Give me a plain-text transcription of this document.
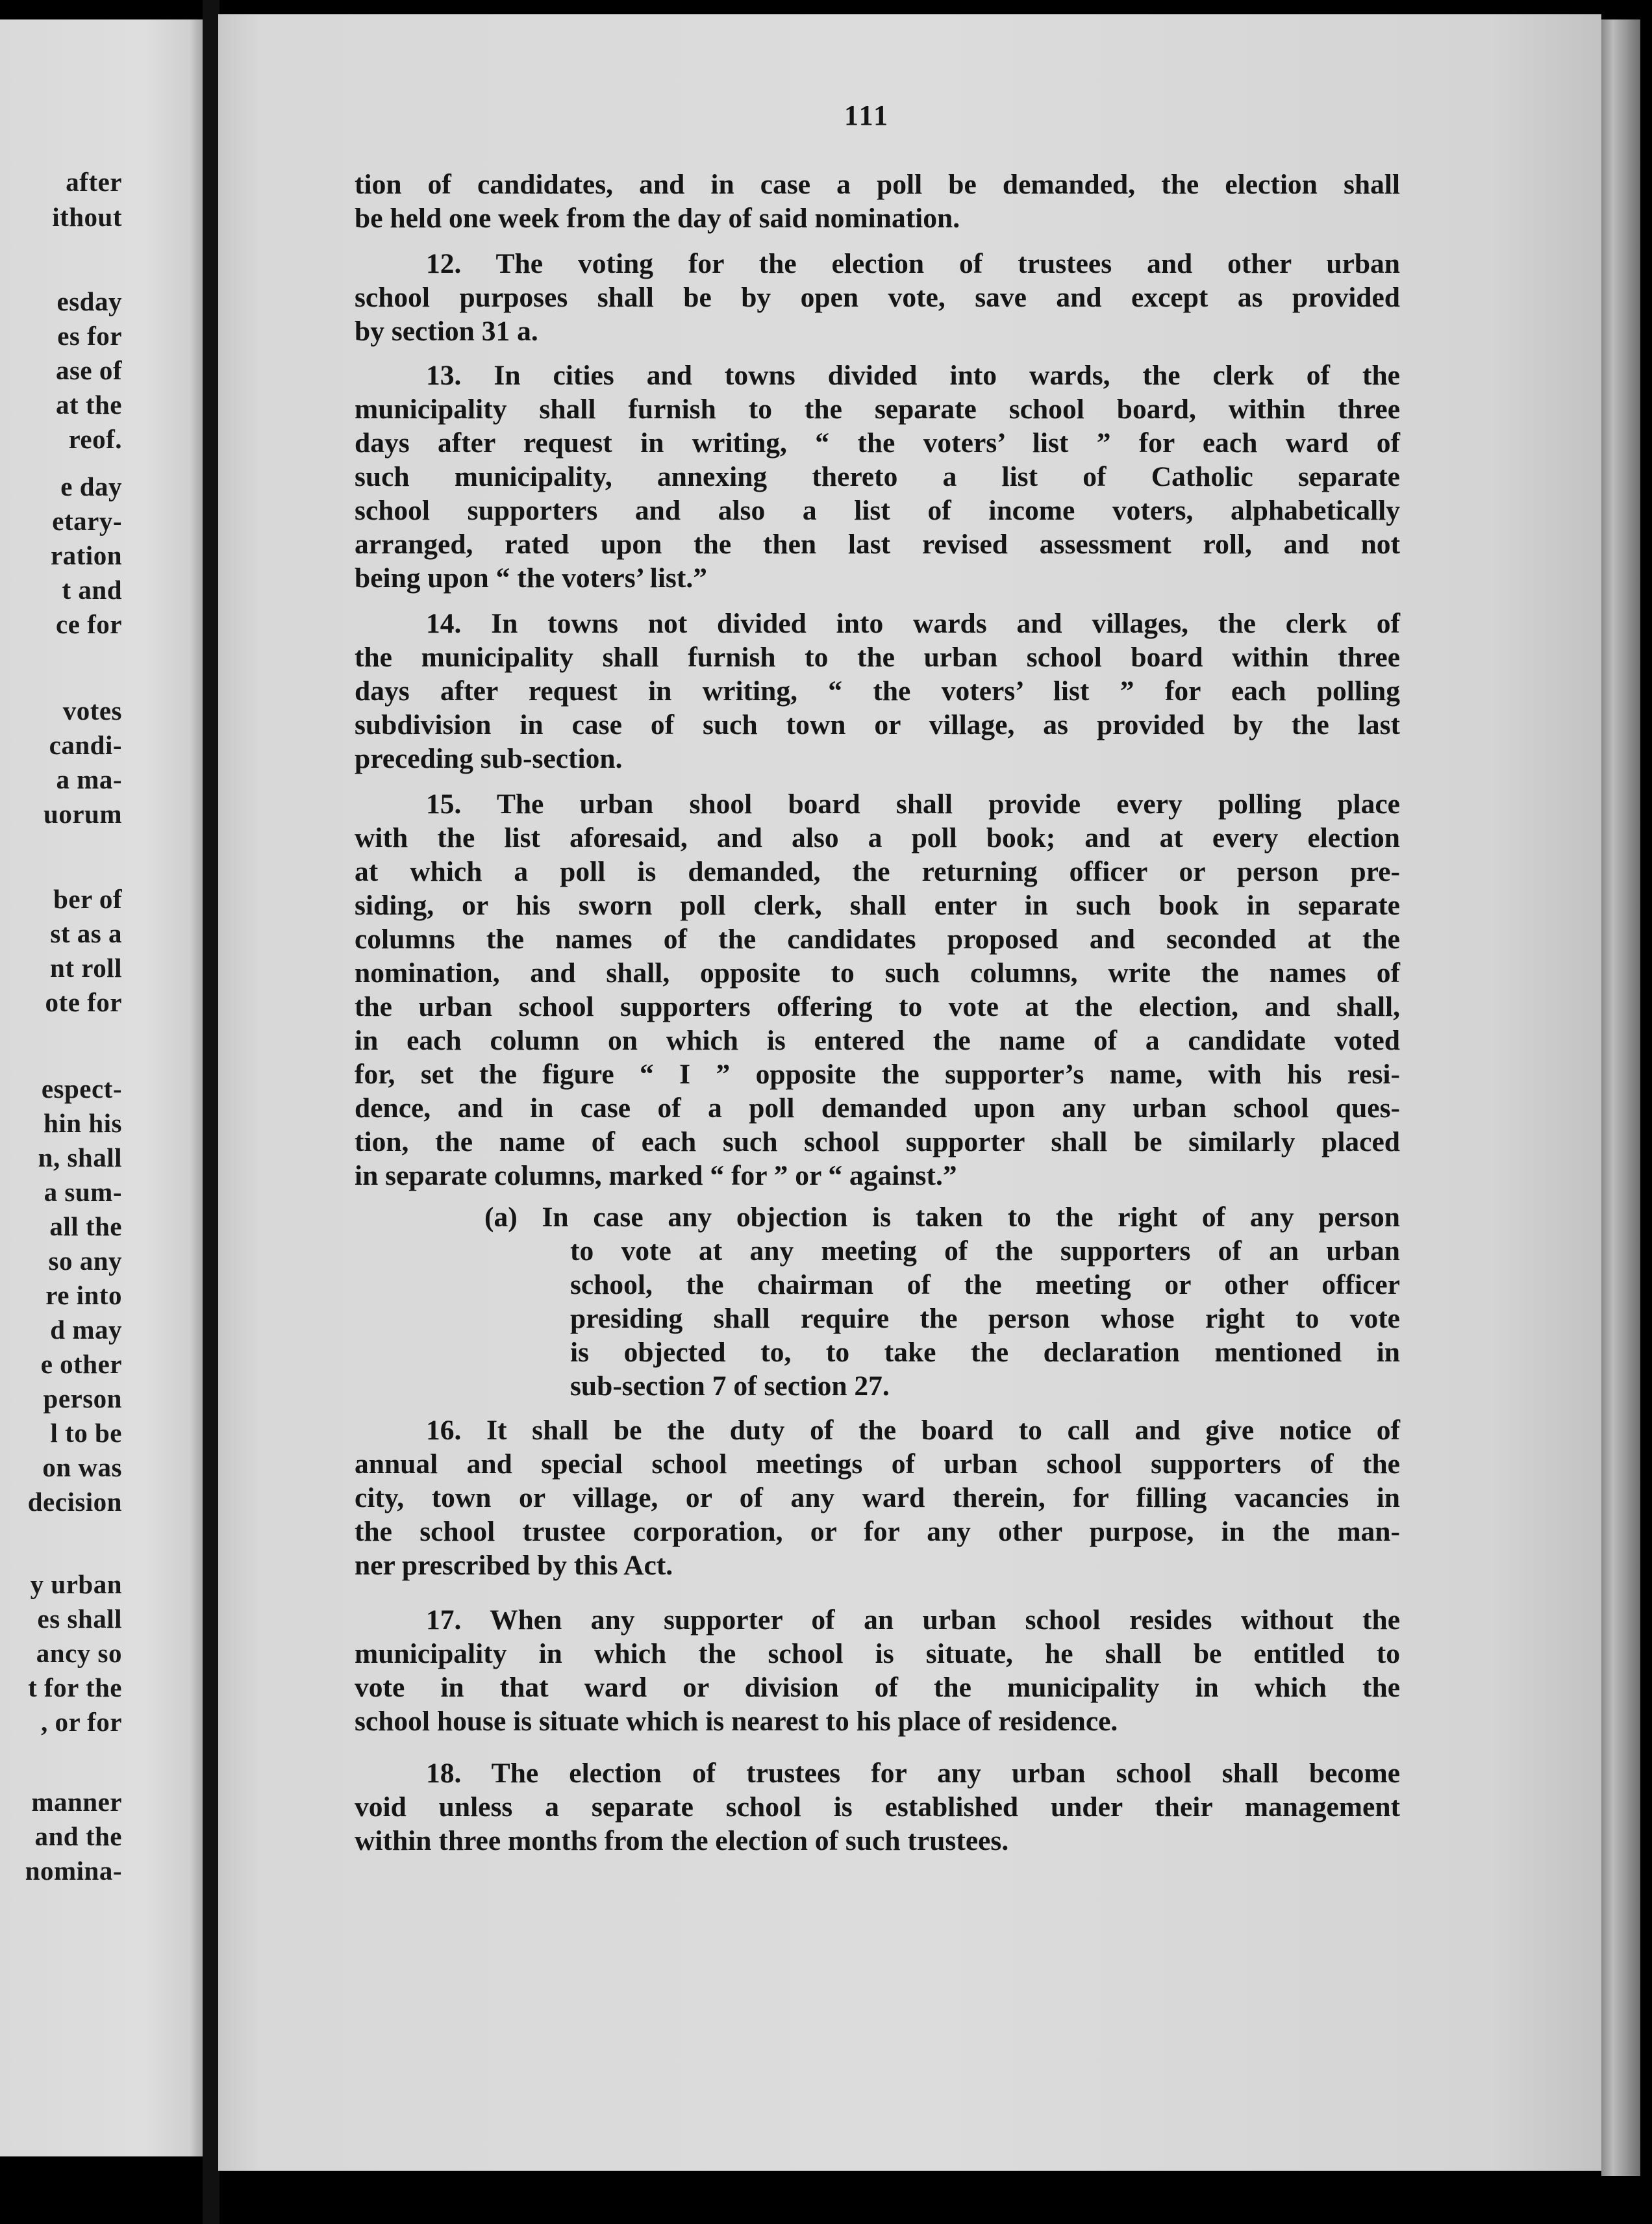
after
ithout
esday
es for
ase of
at the
reof.
e day
etary-
ration
t and
ce for
votes
candi-
a ma-
uorum
ber of
st as a
nt roll
ote for
espect-
hin his
n, shall
a sum-
all the
so any
re into
d may
e other
person
l to be
on was
decision
y urban
es shall
ancy so
t for the
, or for
manner
and the
nomina-
111
tion of candidates, and in case a poll be demanded, the election shall
be held one week from the day of said nomination.
12. The voting for the election of trustees and other urban
school purposes shall be by open vote, save and except as provided
by section 31 a.
13. In cities and towns divided into wards, the clerk of the
municipality shall furnish to the separate school board, within three
days after request in writing, “ the voters’ list ” for each ward of
such municipality, annexing thereto a list of Catholic separate
school supporters and also a list of income voters, alphabetically
arranged, rated upon the then last revised assessment roll, and not
being upon “ the voters’ list.”
14. In towns not divided into wards and villages, the clerk of
the municipality shall furnish to the urban school board within three
days after request in writing, “ the voters’ list ” for each polling
subdivision in case of such town or village, as provided by the last
preceding sub-section.
15. The urban shool board shall provide every polling place
with the list aforesaid, and also a poll book; and at every election
at which a poll is demanded, the returning officer or person pre-
siding, or his sworn poll clerk, shall enter in such book in separate
columns the names of the candidates proposed and seconded at the
nomination, and shall, opposite to such columns, write the names of
the urban school supporters offering to vote at the election, and shall,
in each column on which is entered the name of a candidate voted
for, set the figure “ I ” opposite the supporter’s name, with his resi-
dence, and in case of a poll demanded upon any urban school ques-
tion, the name of each such school supporter shall be similarly placed
in separate columns, marked “ for ” or “ against.”
(a) In case any objection is taken to the right of any person
to vote at any meeting of the supporters of an urban
school, the chairman of the meeting or other officer
presiding shall require the person whose right to vote
is objected to, to take the declaration mentioned in
sub-section 7 of section 27.
16. It shall be the duty of the board to call and give notice of
annual and special school meetings of urban school supporters of the
city, town or village, or of any ward therein, for filling vacancies in
the school trustee corporation, or for any other purpose, in the man-
ner prescribed by this Act.
17. When any supporter of an urban school resides without the
municipality in which the school is situate, he shall be entitled to
vote in that ward or division of the municipality in which the
school house is situate which is nearest to his place of residence.
18. The election of trustees for any urban school shall become
void unless a separate school is established under their management
within three months from the election of such trustees.
